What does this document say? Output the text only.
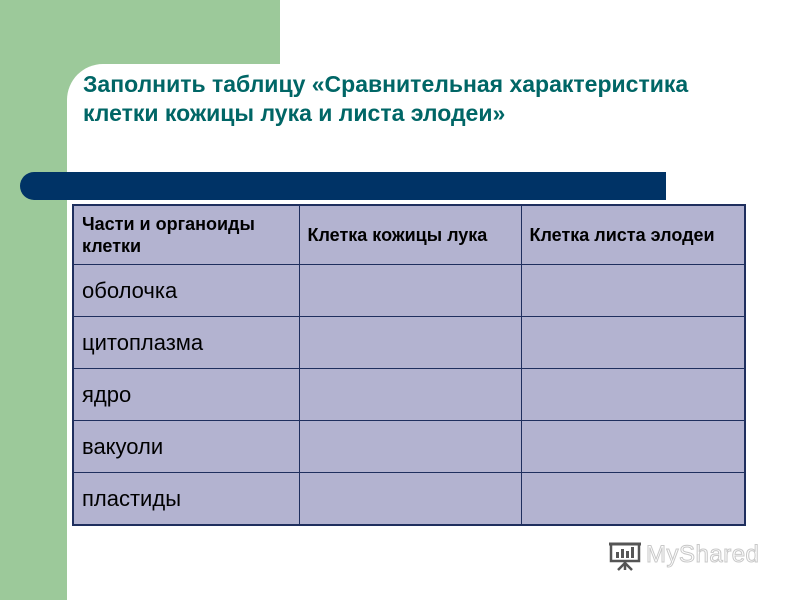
Заполнить таблицу «Сравнительная характеристика клетки кожицы лука и листа элодеи»
Части и органоиды клетки	Клетка кожицы лука	Клетка листа элодеи
оболочка		
цитоплазма		
ядро		
вакуоли		
пластиды		
MyShared
